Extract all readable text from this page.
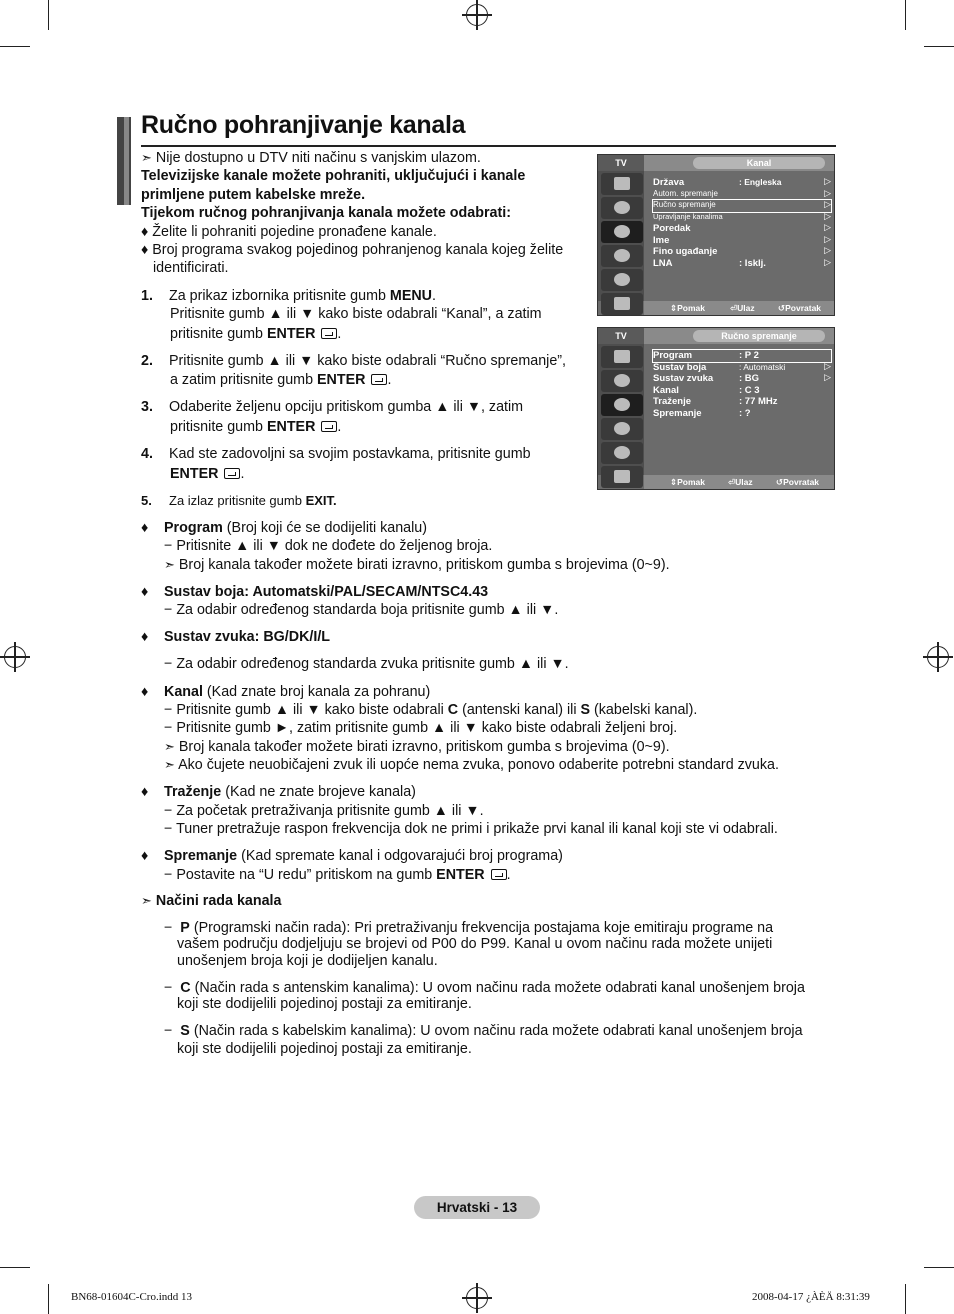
Ručno pohranjivanje kanala
➣ Nije dostupno u DTV niti načinu s vanjskim ulazom.
Televizijske kanale možete pohraniti, uključujući i kanale
primljene putem kabelske mreže.
Tijekom ručnog pohranjivanja kanala možete odabrati:
♦ Želite li pohraniti pojedine pronađene kanale.
♦ Broj programa svakog pojedinog pohranjenog kanala kojeg želite
identificirati.
1. Za prikaz izbornika pritisnite gumb MENU.
Pritisnite gumb ▲ ili ▼ kako biste odabrali “Kanal”, a zatim
pritisnite gumb ENTER .
2. Pritisnite gumb ▲ ili ▼ kako biste odabrali “Ručno spremanje”,
a zatim pritisnite gumb ENTER .
3. Odaberite željenu opciju pritiskom gumba ▲ ili ▼, zatim
pritisnite gumb ENTER .
4. Kad ste zadovoljni sa svojim postavkama, pritisnite gumb
ENTER .
5. Za izlaz pritisnite gumb EXIT.
TV	Kanal
Država	: Engleska	▷
Autom. spremanje	▷
Ručno spremanje	▷
Upravljanje kanalima	▷
Poredak	▷
Ime	▷
Fino ugađanje	▷
LNA	: Isklj.	▷
⇕ Pomak	⏎ Ulaz	↺ Povratak
TV	Ručno spremanje
Program	: P 2
Sustav boja	: Automatski	▷
Sustav zvuka	: BG	▷
Kanal	: C 3
Traženje	: 77 MHz
Spremanje	: ?
⇕ Pomak	⏎ Ulaz	↺ Povratak
♦ Program (Broj koji će se dodijeliti kanalu)
− Pritisnite ▲ ili ▼ dok ne dođete do željenog broja.
➣ Broj kanala također možete birati izravno, pritiskom gumba s brojevima (0~9).
♦ Sustav boja: Automatski/PAL/SECAM/NTSC4.43
− Za odabir određenog standarda boja pritisnite gumb ▲ ili ▼.
♦ Sustav zvuka: BG/DK/I/L
− Za odabir određenog standarda zvuka pritisnite gumb ▲ ili ▼.
♦ Kanal (Kad znate broj kanala za pohranu)
− Pritisnite gumb ▲ ili ▼ kako biste odabrali C (antenski kanal) ili S (kabelski kanal).
− Pritisnite gumb ►, zatim pritisnite gumb ▲ ili ▼ kako biste odabrali željeni broj.
➣ Broj kanala također možete birati izravno, pritiskom gumba s brojevima (0~9).
➣ Ako čujete neuobičajeni zvuk ili uopće nema zvuka, ponovo odaberite potrebni standard zvuka.
♦ Traženje (Kad ne znate brojeve kanala)
− Za početak pretraživanja pritisnite gumb ▲ ili ▼.
− Tuner pretražuje raspon frekvencija dok ne primi i prikaže prvi kanal ili kanal koji ste vi odabrali.
♦ Spremanje (Kad spremate kanal i odgovarajući broj programa)
− Postavite na “U redu” pritiskom na gumb ENTER .
➣ Načini rada kanala
−  P (Programski način rada): Pri pretraživanju frekvencija postajama koje emitiraju programe na
vašem području dodjeljuju se brojevi od P00 do P99. Kanal u ovom načinu rada možete unijeti
unošenjem broja koji je dodijeljen kanalu.
−  C (Način rada s antenskim kanalima): U ovom načinu rada možete odabrati kanal unošenjem broja
koji ste dodijelili pojedinoj postaji za emitiranje.
−  S (Način rada s kabelskim kanalima): U ovom načinu rada možete odabrati kanal unošenjem broja
koji ste dodijelili pojedinoj postaji za emitiranje.
Hrvatski - 13
BN68-01604C-Cro.indd 13	2008-04-17 ¿ÀÈÄ 8:31:39
